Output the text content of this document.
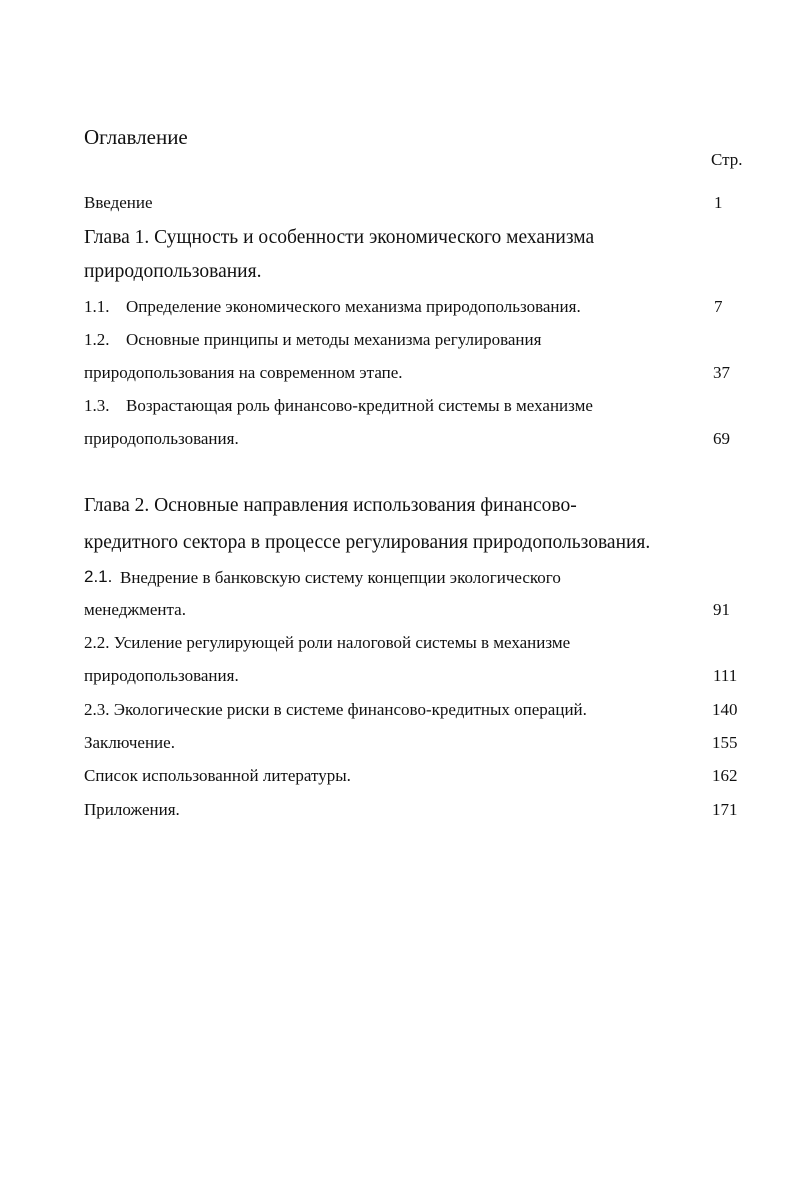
Оглавление
Стр.
Введение	1
Глава 1. Сущность и особенности экономического механизма
природопользования.
1.1. Определение экономического механизма природопользования.	7
1.2. Основные принципы и методы механизма регулирования
природопользования на современном этапе.	37
1.3. Возрастающая роль финансово-кредитной системы в механизме
природопользования.	69
Глава 2. Основные направления использования финансово-
кредитного сектора в процессе регулирования природопользования.
2.1. Внедрение в банковскую систему концепции экологического
менеджмента.	91
2.2. Усиление регулирующей роли налоговой системы в механизме
природопользования.	111
2.3. Экологические риски в системе финансово-кредитных операций.	140
Заключение.	155
Список использованной литературы.	162
Приложения.	171
